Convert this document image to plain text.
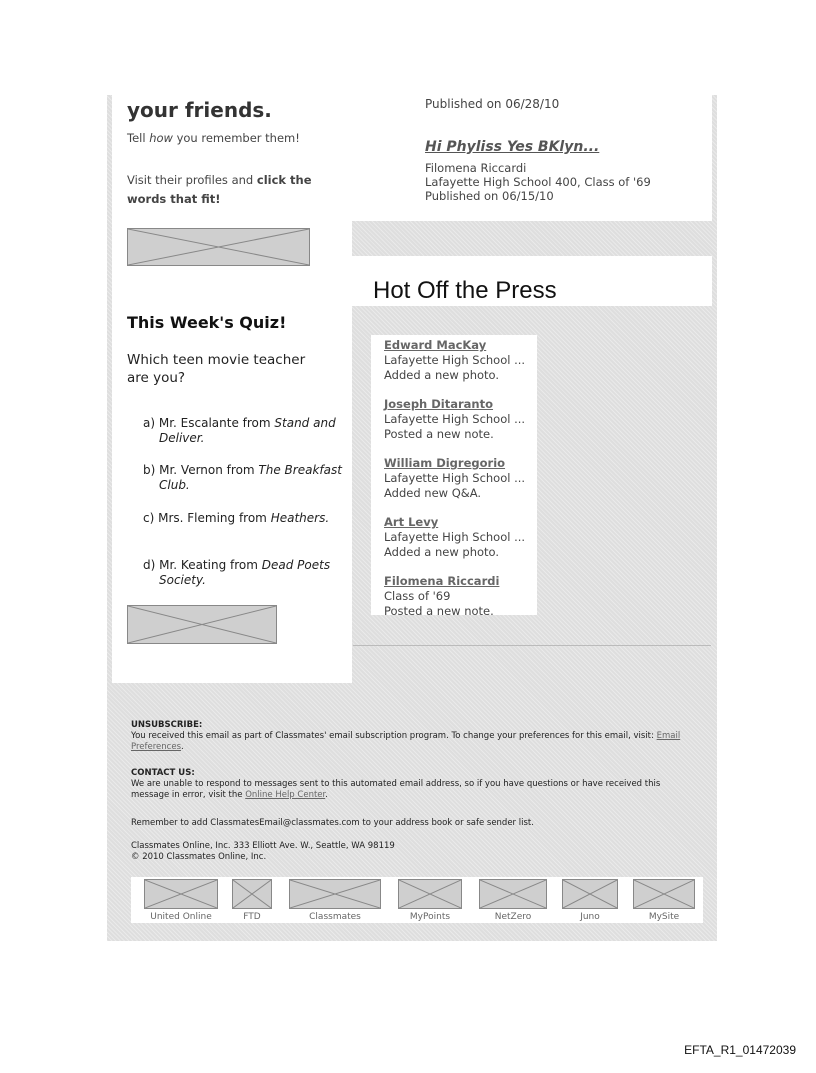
your friends.

Tell how you remember them!

Visit their profiles and click the
words that fit!

This Week's Quiz!

Which teen movie teacher are you?

a) Mr. Escalante from Stand and Deliver.
b) Mr. Vernon from The Breakfast Club.
c) Mrs. Fleming from Heathers.
d) Mr. Keating from Dead Poets Society.

Published on 06/28/10

Hi Phyliss Yes BKlyn...

Filomena Riccardi
Lafayette High School 400, Class of '69
Published on 06/15/10
Hot Off the Press
Edward MacKay
Lafayette High School ...
Added a new photo.
Joseph Ditaranto
Lafayette High School ...
Posted a new note.
William Digregorio
Lafayette High School ...
Added new Q&A.
Art Levy
Lafayette High School ...
Added a new photo.
Filomena Riccardi
Class of '69
Posted a new note.

UNSUBSCRIBE:
You received this email as part of Classmates' email subscription program. To change your preferences for this email, visit: Email Preferences.

CONTACT US:
We are unable to respond to messages sent to this automated email address, so if you have questions or have received this message in error, visit the Online Help Center.

Remember to add ClassmatesEmail@classmates.com to your address book or safe sender list.

Classmates Online, Inc. 333 Elliott Ave. W., Seattle, WA 98119
© 2010 Classmates Online, Inc.

United Online	FTD	Classmates	MyPoints	NetZero	Juno	MySite
EFTA_R1_01472039
